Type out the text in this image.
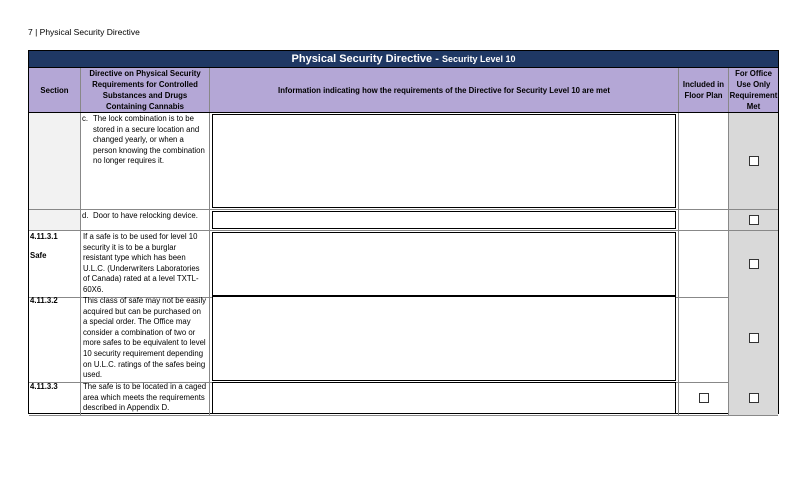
7 | Physical Security Directive
Physical Security Directive - Security Level 10
Section
Directive on Physical Security Requirements for Controlled Substances and Drugs Containing Cannabis
Information indicating how the requirements of the Directive for Security Level 10 are met
Included in Floor Plan
For Office Use Only Requirement Met
c. The lock combination is to be stored in a secure location and changed yearly, or when a person knowing the combination no longer requires it.
d. Door to have relocking device.
4.11.3.1
Safe
If a safe is to be used for level 10 security it is to be a burglar resistant type which has been U.L.C. (Underwriters Laboratories of Canada) rated at a level TXTL-60X6.
4.11.3.2	This class of safe may not be easily acquired but can be purchased on a special order. The Office may consider a combination of two or more safes to be equivalent to level 10 security requirement depending on U.L.C. ratings of the safes being used.
4.11.3.3	The safe is to be located in a caged area which meets the requirements described in Appendix D.
